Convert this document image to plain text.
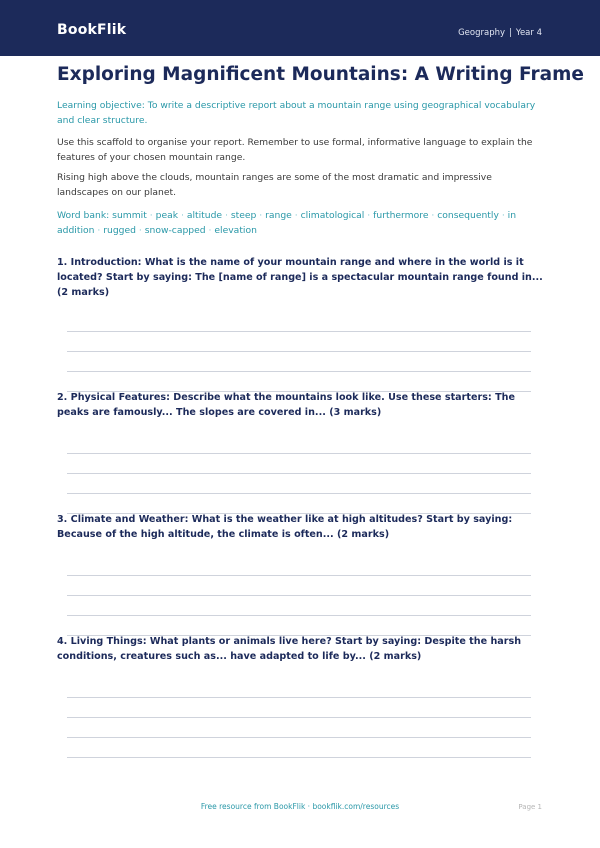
BookFlik	Geography | Year 4
Exploring Magnificent Mountains: A Writing Frame

Learning objective: To write a descriptive report about a mountain range using geographical vocabulary and clear structure.

Use this scaffold to organise your report. Remember to use formal, informative language to explain the features of your chosen mountain range.

Rising high above the clouds, mountain ranges are some of the most dramatic and impressive landscapes on our planet.

Word bank: summit · peak · altitude · steep · range · climatological · furthermore · consequently · in addition · rugged · snow-capped · elevation

1. Introduction: What is the name of your mountain range and where in the world is it located? Start by saying: The [name of range] is a spectacular mountain range found in... (2 marks)

2. Physical Features: Describe what the mountains look like. Use these starters: The peaks are famously... The slopes are covered in... (3 marks)

3. Climate and Weather: What is the weather like at high altitudes? Start by saying: Because of the high altitude, the climate is often... (2 marks)

4. Living Things: What plants or animals live here? Start by saying: Despite the harsh conditions, creatures such as... have adapted to life by... (2 marks)

Free resource from BookFlik · bookflik.com/resources	Page 1
